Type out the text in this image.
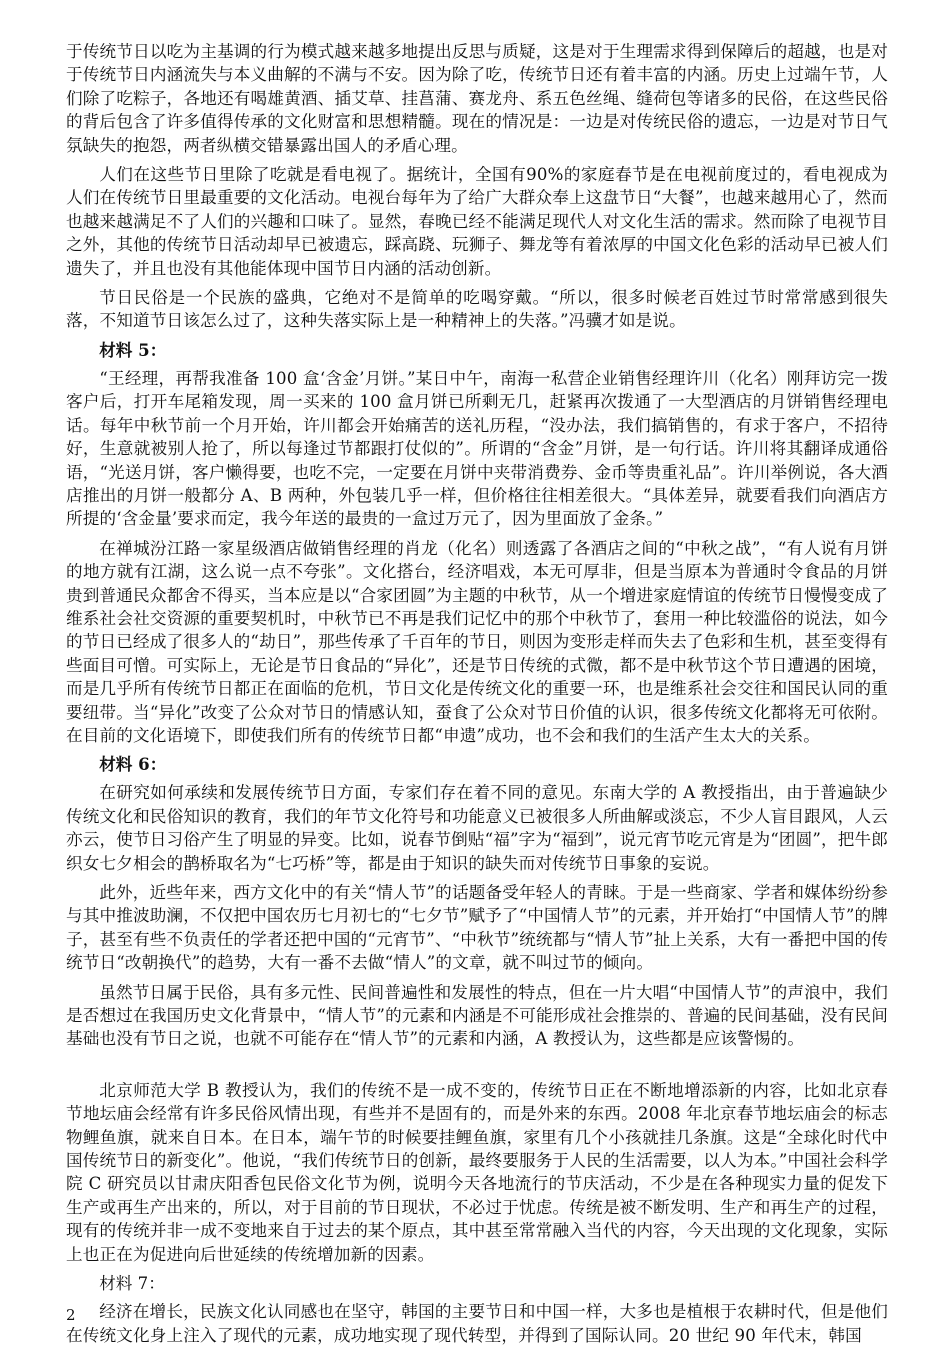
于传统节日以吃为主基调的行为模式越来越多地提出反思与质疑，这是对于生理需求得到保障后的超越，也是对于传统节日内涵流失与本义曲解的不满与不安。因为除了吃，传统节日还有着丰富的内涵。历史上过端午节，人们除了吃粽子，各地还有喝雄黄酒、插艾草、挂菖蒲、赛龙舟、系五色丝绳、缝荷包等诸多的民俗，在这些民俗的背后包含了许多值得传承的文化财富和思想精髓。现在的情况是：一边是对传统民俗的遗忘，一边是对节日气氛缺失的抱怨，两者纵横交错暴露出国人的矛盾心理。

人们在这些节日里除了吃就是看电视了。据统计，全国有90%的家庭春节是在电视前度过的，看电视成为人们在传统节日里最重要的文化活动。电视台每年为了给广大群众奉上这盘节日“大餐”，也越来越用心了，然而也越来越满足不了人们的兴趣和口味了。显然，春晚已经不能满足现代人对文化生活的需求。然而除了电视节目之外，其他的传统节日活动却早已被遗忘，踩高跷、玩狮子、舞龙等有着浓厚的中国文化色彩的活动早已被人们遗失了，并且也没有其他能体现中国节日内涵的活动创新。

节日民俗是一个民族的盛典，它绝对不是简单的吃喝穿戴。“所以，很多时候老百姓过节时常常感到很失落，不知道节日该怎么过了，这种失落实际上是一种精神上的失落。”冯骥才如是说。

材料 5：

“王经理，再帮我准备 100 盒‘含金’月饼。”某日中午，南海一私营企业销售经理许川（化名）刚拜访完一拨客户后，打开车尾箱发现，周一买来的 100 盒月饼已所剩无几，赶紧再次拨通了一大型酒店的月饼销售经理电话。每年中秋节前一个月开始，许川都会开始痛苦的送礼历程，“没办法，我们搞销售的，有求于客户，不招待好，生意就被别人抢了，所以每逢过节都跟打仗似的”。所谓的“含金”月饼，是一句行话。许川将其翻译成通俗语，“光送月饼，客户懒得要，也吃不完，一定要在月饼中夹带消费券、金币等贵重礼品”。许川举例说，各大酒店推出的月饼一般都分 A、B 两种，外包装几乎一样，但价格往往相差很大。“具体差异，就要看我们向酒店方所提的‘含金量’要求而定，我今年送的最贵的一盒过万元了，因为里面放了金条。”

在禅城汾江路一家星级酒店做销售经理的肖龙（化名）则透露了各酒店之间的“中秋之战”，“有人说有月饼的地方就有江湖，这么说一点不夸张”。文化搭台，经济唱戏，本无可厚非，但是当原本为普通时令食品的月饼贵到普通民众都舍不得买，当本应是以“合家团圆”为主题的中秋节，从一个增进家庭情谊的传统节日慢慢变成了维系社会社交资源的重要契机时，中秋节已不再是我们记忆中的那个中秋节了，套用一种比较滥俗的说法，如今的节日已经成了很多人的“劫日”，那些传承了千百年的节日，则因为变形走样而失去了色彩和生机，甚至变得有些面目可憎。可实际上，无论是节日食品的“异化”，还是节日传统的式微，都不是中秋节这个节日遭遇的困境，而是几乎所有传统节日都正在面临的危机，节日文化是传统文化的重要一环，也是维系社会交往和国民认同的重要纽带。当“异化”改变了公众对节日的情感认知，蚕食了公众对节日价值的认识，很多传统文化都将无可依附。在目前的文化语境下，即使我们所有的传统节日都“申遗”成功，也不会和我们的生活产生太大的关系。

材料 6：

在研究如何承续和发展传统节日方面，专家们存在着不同的意见。东南大学的 A 教授指出，由于普遍缺少传统文化和民俗知识的教育，我们的年节文化符号和功能意义已被很多人所曲解或淡忘，不少人盲目跟风，人云亦云，使节日习俗产生了明显的异变。比如，说春节倒贴“福”字为“福到”，说元宵节吃元宵是为“团圆”，把牛郎织女七夕相会的鹊桥取名为“七巧桥”等，都是由于知识的缺失而对传统节日事象的妄说。

此外，近些年来，西方文化中的有关“情人节”的话题备受年轻人的青睐。于是一些商家、学者和媒体纷纷参与其中推波助澜，不仅把中国农历七月初七的“七夕节”赋予了“中国情人节”的元素，并开始打“中国情人节”的牌子，甚至有些不负责任的学者还把中国的“元宵节”、“中秋节”统统都与“情人节”扯上关系，大有一番把中国的传统节日“改朝换代”的趋势，大有一番不去做“情人”的文章，就不叫过节的倾向。

虽然节日属于民俗，具有多元性、民间普遍性和发展性的特点，但在一片大唱“中国情人节”的声浪中，我们是否想过在我国历史文化背景中，“情人节”的元素和内涵是不可能形成社会推崇的、普遍的民间基础，没有民间基础也没有节日之说，也就不可能存在“情人节”的元素和内涵，A 教授认为，这些都是应该警惕的。

北京师范大学 B 教授认为，我们的传统不是一成不变的，传统节日正在不断地增添新的内容，比如北京春节地坛庙会经常有许多民俗风情出现，有些并不是固有的，而是外来的东西。2008 年北京春节地坛庙会的标志物鲤鱼旗，就来自日本。在日本，端午节的时候要挂鲤鱼旗，家里有几个小孩就挂几条旗。这是“全球化时代中国传统节日的新变化”。他说，“我们传统节日的创新，最终要服务于人民的生活需要，以人为本。”中国社会科学院 C 研究员以甘肃庆阳香包民俗文化节为例，说明今天各地流行的节庆活动，不少是在各种现实力量的促发下生产或再生产出来的，所以，对于目前的节日现状，不必过于忧虑。传统是被不断发明、生产和再生产的过程，现有的传统并非一成不变地来自于过去的某个原点，其中甚至常常融入当代的内容，今天出现的文化现象，实际上也正在为促进向后世延续的传统增加新的因素。

材料 7：

经济在增长，民族文化认同感也在坚守，韩国的主要节日和中国一样，大多也是植根于农耕时代，但是他们在传统文化身上注入了现代的元素，成功地实现了现代转型，并得到了国际认同。20 世纪 90 年代末，韩国

2
